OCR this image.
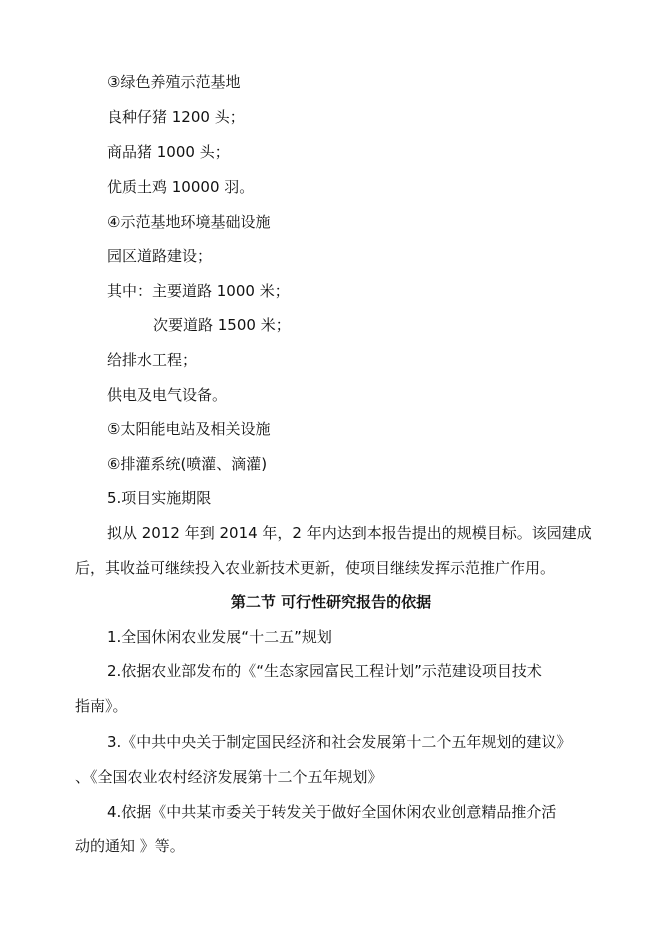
③绿色养殖示范基地
良种仔猪 1200 头；
商品猪 1000 头；
优质土鸡 10000 羽。
④示范基地环境基础设施
园区道路建设；
其中：主要道路 1000 米；
次要道路 1500 米；
给排水工程；
供电及电气设备。
⑤太阳能电站及相关设施
⑥排灌系统(喷灌、滴灌)
5.项目实施期限
拟从 2012 年到 2014 年，2 年内达到本报告提出的规模目标。该园建成
后，其收益可继续投入农业新技术更新，使项目继续发挥示范推广作用。
第二节 可行性研究报告的依据
1.全国休闲农业发展“十二五”规划
2.依据农业部发布的《“生态家园富民工程计划”示范建设项目技术
指南》。
3.《中共中央关于制定国民经济和社会发展第十二个五年规划的建议》
、《全国农业农村经济发展第十二个五年规划》
4.依据《中共某市委关于转发关于做好全国休闲农业创意精品推介活
动的通知 》等。
